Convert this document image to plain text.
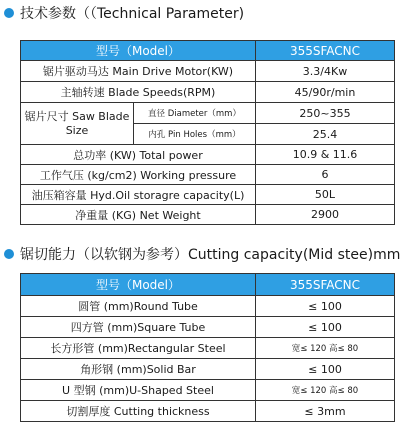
技术参数（（Technical Parameter)
型号（Model）		355SFACNC
锯片驱动马达 Main Drive Motor(KW)		3.3/4Kw
主轴转速 Blade Speeds(RPM)		45/90r/min
锯片尺寸 Saw Blade Size	直径 Diameter（mm）	250~355
	内孔 Pin Holes（mm）	25.4
总功率 (KW) Total power		10.9 & 11.6
工作气压 (kg/cm2) Working pressure		6
油压箱容量 Hyd.Oil storagre capacity(L)		50L
净重量 (KG) Net Weight		2900
锯切能力（以软钢为参考）Cutting capacity(Mid stee)mm
型号（Model）	355SFACNC
圆管 (mm)Round Tube	≤ 100
四方管 (mm)Square Tube	≤ 100
长方形管 (mm)Rectangular Steel	宽≤ 120 高≤ 80
角形钢 (mm)Solid Bar	≤ 100
U 型钢 (mm)U-Shaped Steel	宽≤ 120 高≤ 80
切割厚度 Cutting thickness	≤ 3mm
